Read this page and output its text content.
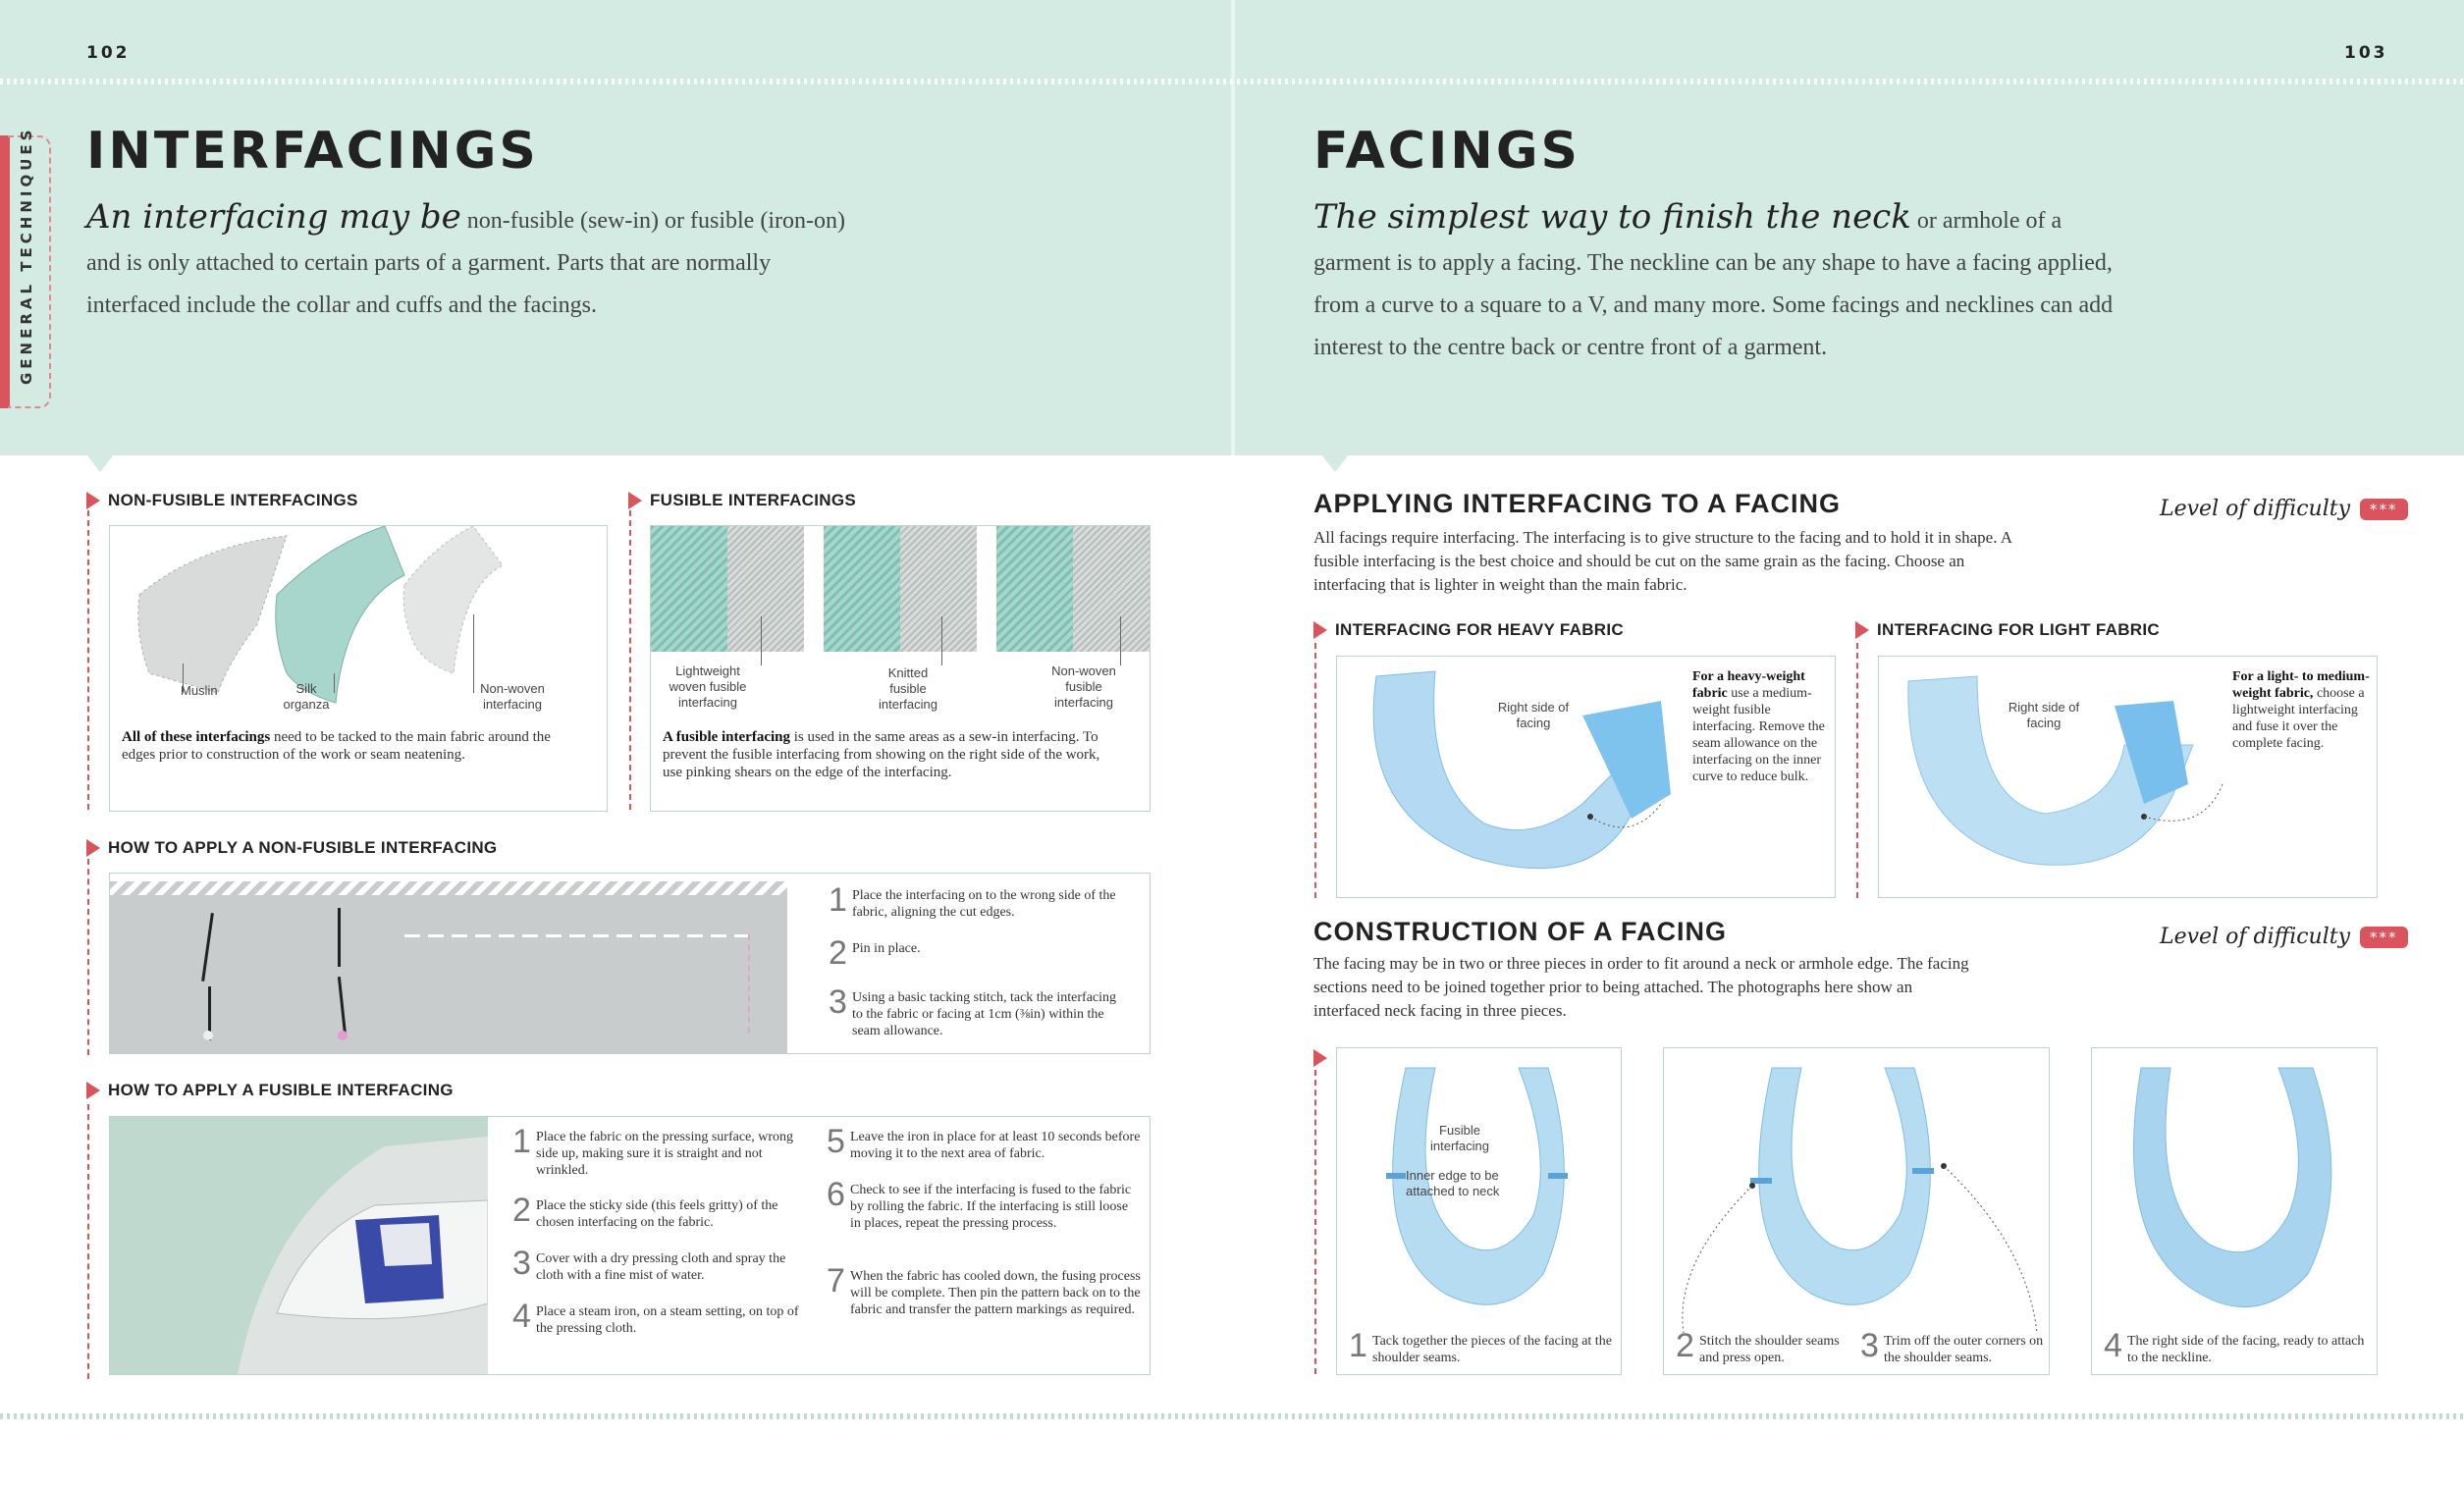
102	103
GENERAL TECHNIQUES INTERFACINGS
An interfacing may be non-fusible (sew-in) or fusible (iron-on) and is only attached to certain parts of a garment. Parts that are normally interfaced include the collar and cuffs and the facings.
FACINGS
The simplest way to finish the neck or armhole of a garment is to apply a facing. The neckline can be any shape to have a facing applied, from a curve to a square to a V, and many more. Some facings and necklines can add interest to the centre back or centre front of a garment.
NON-FUSIBLE INTERFACINGS
Muslin	Silk organza
Non-woven interfacing
All of these interfacings need to be tacked to the main fabric around the edges prior to construction of the work or seam neatening.
FUSIBLE INTERFACINGS
Lightweight woven fusible interfacing
Knitted fusible interfacing
Non-woven fusible interfacing
A fusible interfacing is used in the same areas as a sew-in interfacing. To prevent the fusible interfacing from showing on the right side of the work, use pinking shears on the edge of the interfacing.
HOW TO APPLY A NON-FUSIBLE INTERFACING
1 Place the interfacing on to the wrong side of the fabric, aligning the cut edges.
2 Pin in place.
3 Using a basic tacking stitch, tack the interfacing to the fabric or facing at 1cm (⅜in) within the seam allowance.
HOW TO APPLY A FUSIBLE INTERFACING
1 Place the fabric on the pressing surface, wrong side up, making sure it is straight and not wrinkled.
2 Place the sticky side (this feels gritty) of the chosen interfacing on the fabric.
3 Cover with a dry pressing cloth and spray the cloth with a fine mist of water.
4 Place a steam iron, on a steam setting, on top of the pressing cloth.
5 Leave the iron in place for at least 10 seconds before moving it to the next area of fabric.
6 Check to see if the interfacing is fused to the fabric by rolling the fabric. If the interfacing is still loose in places, repeat the pressing process.
7 When the fabric has cooled down, the fusing process will be complete. Then pin the pattern back on to the fabric and transfer the pattern markings as required.
APPLYING INTERFACING TO A FACING	Level of difficulty ***
All facings require interfacing. The interfacing is to give structure to the facing and to hold it in shape. A fusible interfacing is the best choice and should be cut on the same grain as the facing. Choose an interfacing that is lighter in weight than the main fabric.
INTERFACING FOR HEAVY FABRIC
Right side of facing
For a heavy-weight fabric use a medium-weight fusible interfacing. Remove the seam allowance on the interfacing on the inner curve to reduce bulk.
INTERFACING FOR LIGHT FABRIC
Right side of facing
For a light- to medium-weight fabric, choose a lightweight interfacing and fuse it over the complete facing.
CONSTRUCTION OF A FACING	Level of difficulty ***
The facing may be in two or three pieces in order to fit around a neck or armhole edge. The facing sections need to be joined together prior to being attached. The photographs here show an interfaced neck facing in three pieces.
Fusible interfacing
Inner edge to be attached to neck
1 Tack together the pieces of the facing at the shoulder seams.	2 Stitch the shoulder seams and press open.	3 Trim off the outer corners on the shoulder seams.	4 The right side of the facing, ready to attach to the neckline.
